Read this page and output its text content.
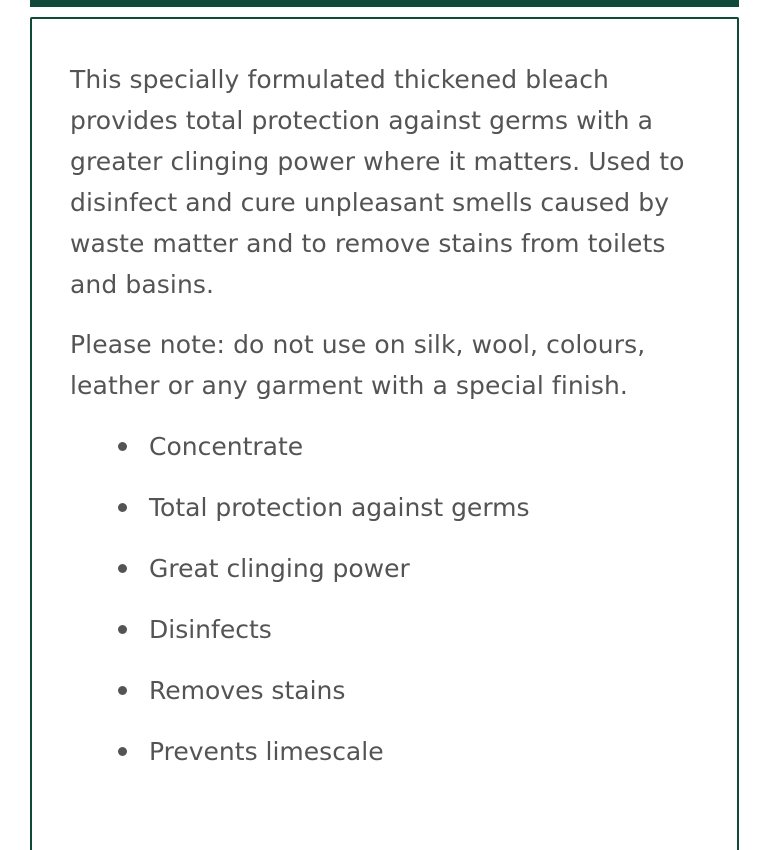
This specially formulated thickened bleach provides total protection against germs with a greater clinging power where it matters. Used to disinfect and cure unpleasant smells caused by waste matter and to remove stains from toilets and basins.

Please note: do not use on silk, wool, colours, leather or any garment with a special finish.

Concentrate
Total protection against germs
Great clinging power
Disinfects
Removes stains
Prevents limescale
